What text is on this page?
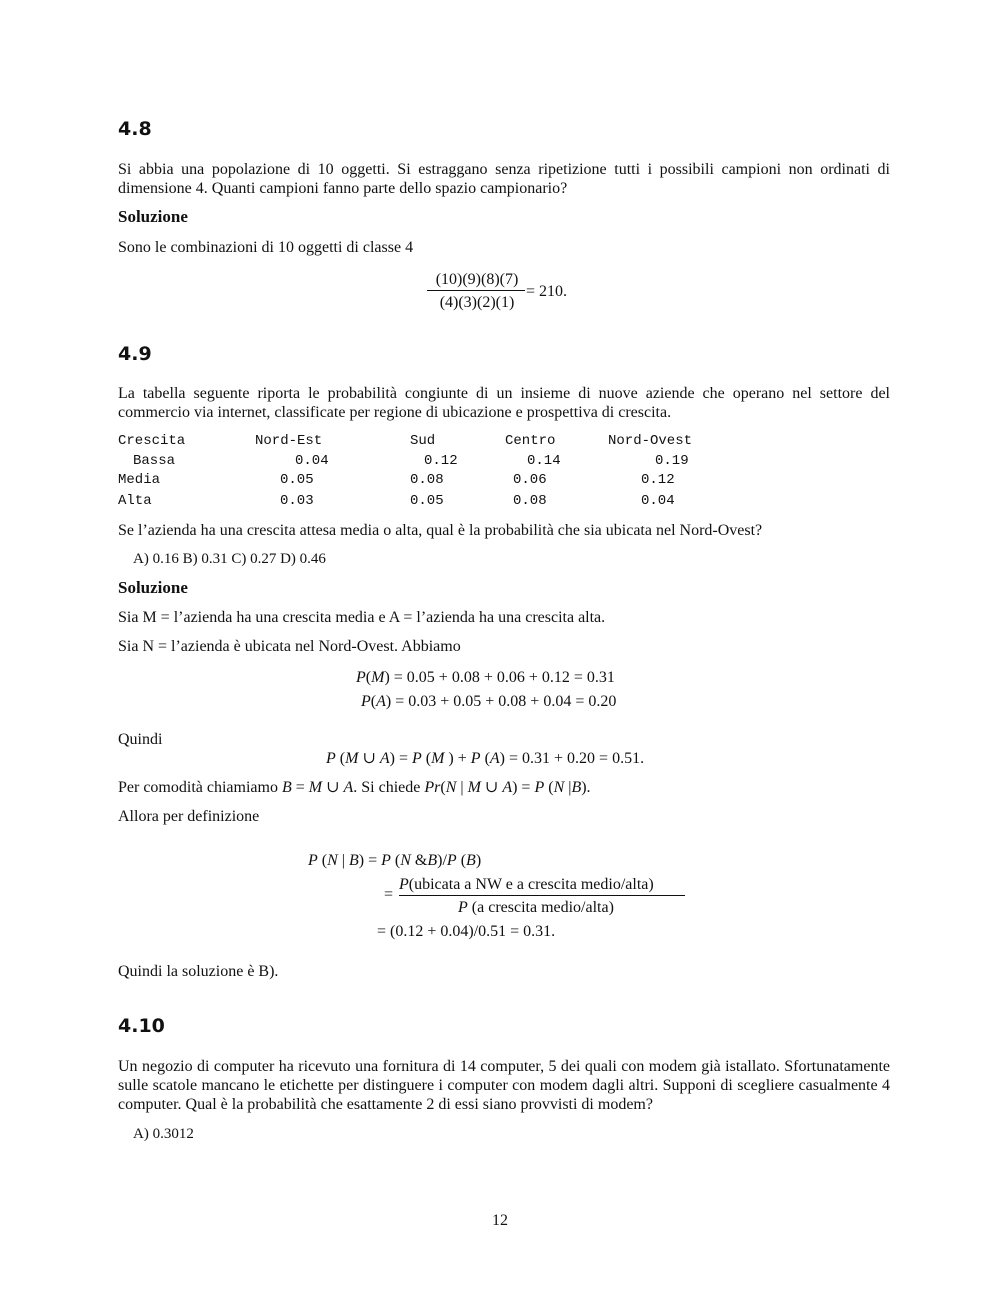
4.8
Si abbia una popolazione di 10 oggetti. Si estraggano senza ripetizione tutti i possibili campioni non ordinati di dimensione 4. Quanti campioni fanno parte dello spazio campionario?
Soluzione
Sono le combinazioni di 10 oggetti di classe 4
(10)(9)(8)(7)
(4)(3)(2)(1)
= 210.
4.9
La tabella seguente riporta le probabilità congiunte di un insieme di nuove aziende che operano nel settore del commercio via internet, classificate per regione di ubicazione e prospettiva di crescita.
Crescita	Nord-Est	Sud	Centro	Nord-Ovest
Bassa	0.04	0.12	0.14	0.19
Media	0.05	0.08	0.06	0.12
Alta	0.03	0.05	0.08	0.04
Se l’azienda ha una crescita attesa media o alta, qual è la probabilità che sia ubicata nel Nord-Ovest?
A) 0.16 B) 0.31 C) 0.27 D) 0.46
Soluzione
Sia M = l’azienda ha una crescita media e A = l’azienda ha una crescita alta.
Sia N = l’azienda è ubicata nel Nord-Ovest. Abbiamo
P(M) = 0.05 + 0.08 + 0.06 + 0.12 = 0.31
P(A) = 0.03 + 0.05 + 0.08 + 0.04 = 0.20
Quindi
P (M ∪ A) = P (M ) + P (A) = 0.31 + 0.20 = 0.51.
Per comodità chiamiamo B = M ∪ A. Si chiede Pr(N | M ∪ A) = P (N |B).
Allora per definizione
P (N | B) = P (N &B)/P (B)
=
P(ubicata a NW e a crescita medio/alta)
P (a crescita medio/alta)
= (0.12 + 0.04)/0.51 = 0.31.
Quindi la soluzione è B).
4.10
Un negozio di computer ha ricevuto una fornitura di 14 computer, 5 dei quali con modem già istallato. Sfortunatamente sulle scatole mancano le etichette per distinguere i computer con modem dagli altri. Supponi di scegliere casualmente 4 computer. Qual è la probabilità che esattamente 2 di essi siano provvisti di modem?
A) 0.3012
12
